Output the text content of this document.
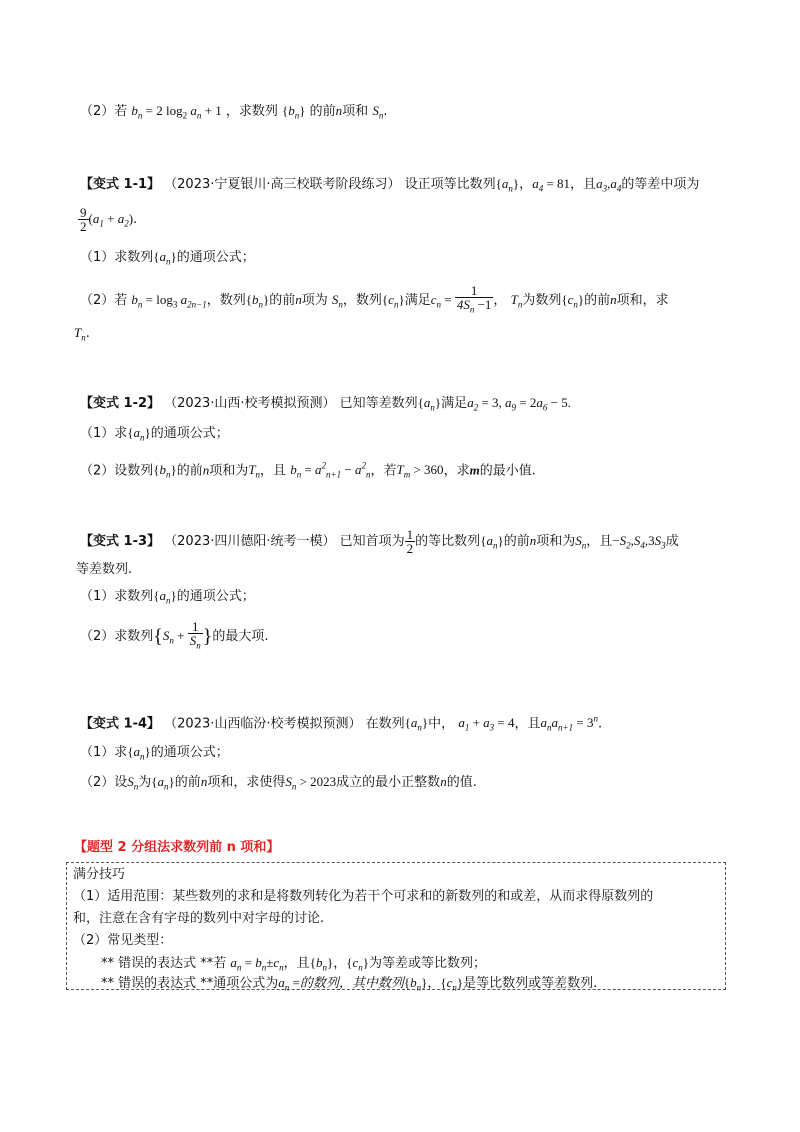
（2）若 $b_n = 2$ $\log_2 a_n + 1$ ，求数列 $\{b_n\}$ 的前n项和 $S_n$.
【变式 1-1】 （2023·宁夏银川·高三校联考阶段练习） 设正项等比数列$\{a_n\}$，$a_4 = 81$，且$a_3,a_4$的等差中项为
$\frac{9}{2} (a_1 + a_2)$.
（1）求数列$\{a_n\}$的通项公式；
（2）若 $b_n = \log_3 a_{2n-1}$，数列$\{b_n\}$的前n项为 $S_n$，数列$\{c_n\}$满足$c_n = \frac{1}{4S_n -1}$ ， $T_n$为数列$\{c_n\}$的前n项和，求
$T_n$.
【变式 1-2】 （2023·山西·校考模拟预测） 已知等差数列$\{a_n\}$满足$a_2 = 3$, $a_9 = 2a_6 - 5$.
（1）求$\{a_n\}$的通项公式；
（2）设数列$\{b_n\}$的前n项和为$T_n$，且 $b_n = a^2_{n+1} - a^2_n$，若$T_m > 360$，求m的最小值.
【变式 1-3】 （2023·四川德阳·统考一模） 已知首项为 $\frac{1}{2}$ 的等比数列$\{a_n\}$的前n项和为$S_n$，且$-S_2,S_4,3S_3$成
等差数列.
（1）求数列$\{a_n\}$的通项公式；
（2）求数列{$S_n + \frac{1}{S_n}$ }的最大项.
【变式 1-4】 （2023·山西临汾·校考模拟预测） 在数列$\{a_n\}$中， $a_1 + a_3 = 4$，且$a_na_{n+1} = 3^n$.
（1）求$\{a_n\}$的通项公式；
（2）设$S_n$为$\{a_n\}$的前n项和，求使得$S_n > 2023$成立的最小正整数n的值.
【题型 2 分组法求数列前 n 项和】
满分技巧
（1）适用范围：某些数列的求和是将数列转化为若干个可求和的新数列的和或差，从而求得原数列的
和，注意在含有字母的数列中对字母的讨论.
（2）常见类型：
** 错误的表达式 **若 $a_n = b_n\pm c_n$，且$\{b_n\}$，$\{c_n\}$为等差或等比数列；
** 错误的表达式 **通项公式为$a_n$ =的数列，其中数列$\{b_n\}$，$\{c_n\}$是等比数列或等差数列.
